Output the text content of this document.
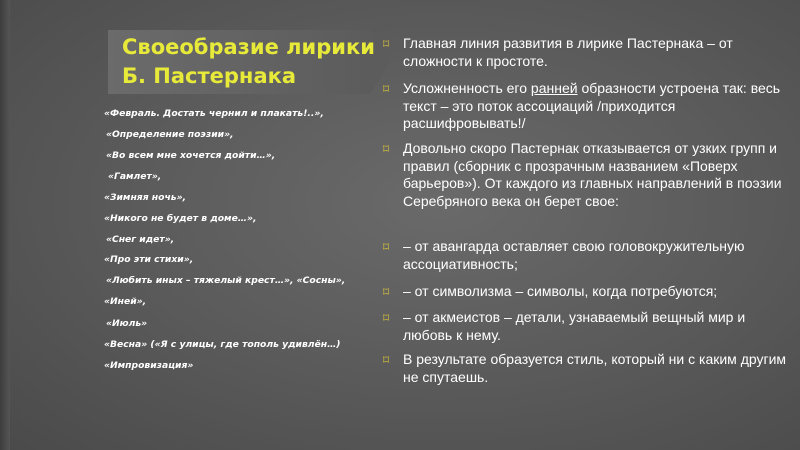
Своеобразие лирики
Б. Пастернака
«Февраль. Достать чернил и плакать!..»,
«Определение поэзии»,
«Во всем мне хочется дойти…»,
«Гамлет»,
«Зимняя ночь»,
«Никого не будет в доме…»,
«Снег идет»,
«Про эти стихи»,
«Любить иных – тяжелый крест…», «Сосны»,
«Иней»,
«Июль»
«Весна» («Я с улицы, где тополь удивлён…)
«Импровизация»
⌑ Главная линия развития в лирике Пастернака – от сложности к простоте.
⌑ Усложненность его ранней образности устроена так: весь текст – это поток ассоциаций /приходится расшифровывать!/
⌑ Довольно скоро Пастернак отказывается от узких групп и правил (сборник с прозрачным названием «Поверх барьеров»). От каждого из главных направлений в поэзии Серебряного века он берет свое:
⌑ – от авангарда оставляет свою головокружительную ассоциативность;
⌑ – от символизма – символы, когда потребуются;
⌑ – от акмеистов – детали, узнаваемый вещный мир и любовь к нему.
⌑ В результате образуется стиль, который ни с каким другим не спутаешь.
